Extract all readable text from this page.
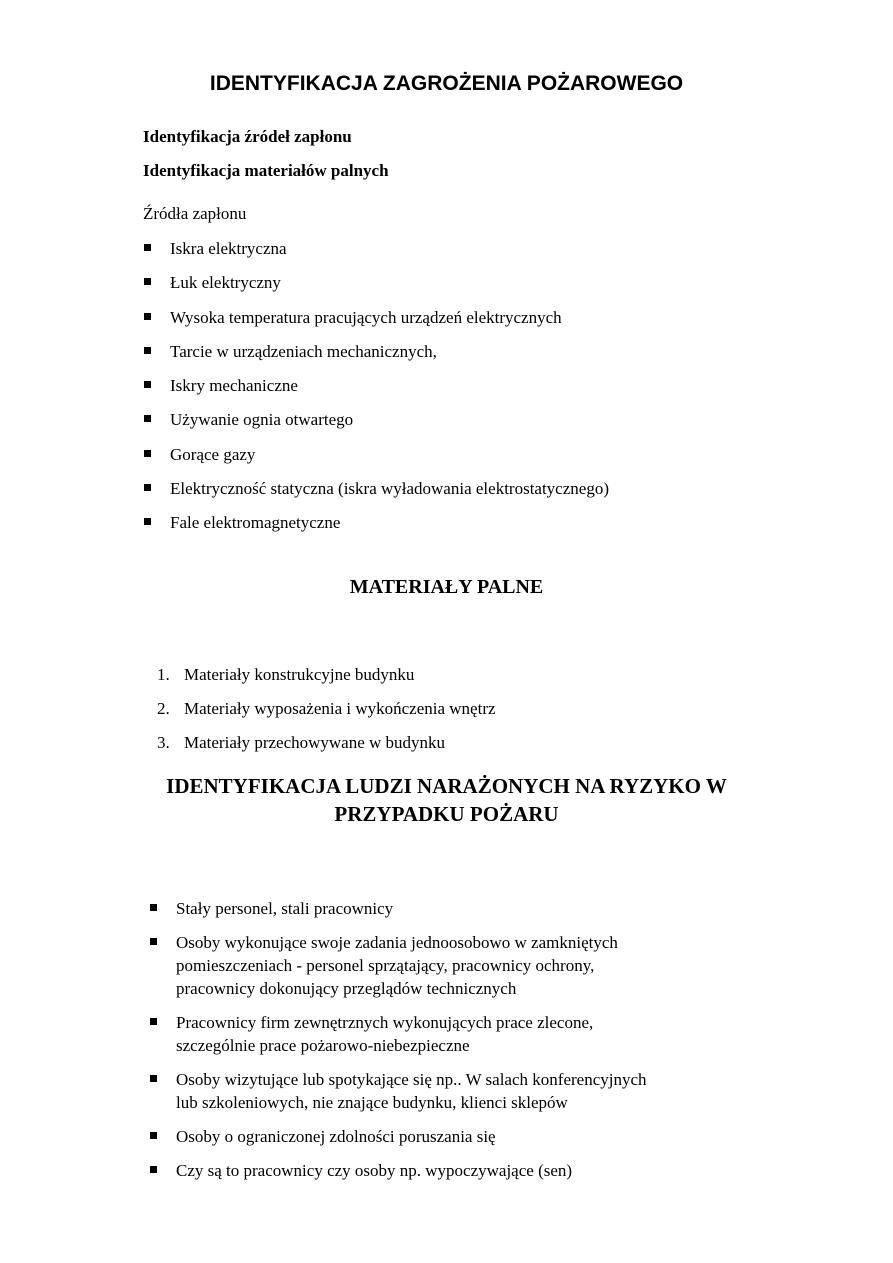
IDENTYFIKACJA ZAGROŻENIA POŻAROWEGO
Identyfikacja źródeł zapłonu
Identyfikacja materiałów palnych
Źródła zapłonu
Iskra elektryczna
Łuk elektryczny
Wysoka temperatura pracujących urządzeń elektrycznych
Tarcie w urządzeniach mechanicznych,
Iskry mechaniczne
Używanie ognia otwartego
Gorące gazy
Elektryczność statyczna (iskra wyładowania elektrostatycznego)
Fale elektromagnetyczne
MATERIAŁY PALNE
1. Materiały konstrukcyjne budynku
2. Materiały wyposażenia i wykończenia wnętrz
3. Materiały przechowywane w budynku
IDENTYFIKACJA LUDZI NARAŻONYCH NA RYZYKO W
PRZYPADKU POŻARU
Stały personel, stali pracownicy
Osoby wykonujące swoje zadania jednoosobowo w zamkniętych
pomieszczeniach - personel sprzątający, pracownicy ochrony,
pracownicy dokonujący przeglądów technicznych
Pracownicy firm zewnętrznych wykonujących prace zlecone,
szczególnie prace pożarowo-niebezpieczne
Osoby wizytujące lub spotykające się np.. W salach konferencyjnych
lub szkoleniowych, nie znające budynku, klienci sklepów
Osoby o ograniczonej zdolności poruszania się
Czy są to pracownicy czy osoby np. wypoczywające (sen)
